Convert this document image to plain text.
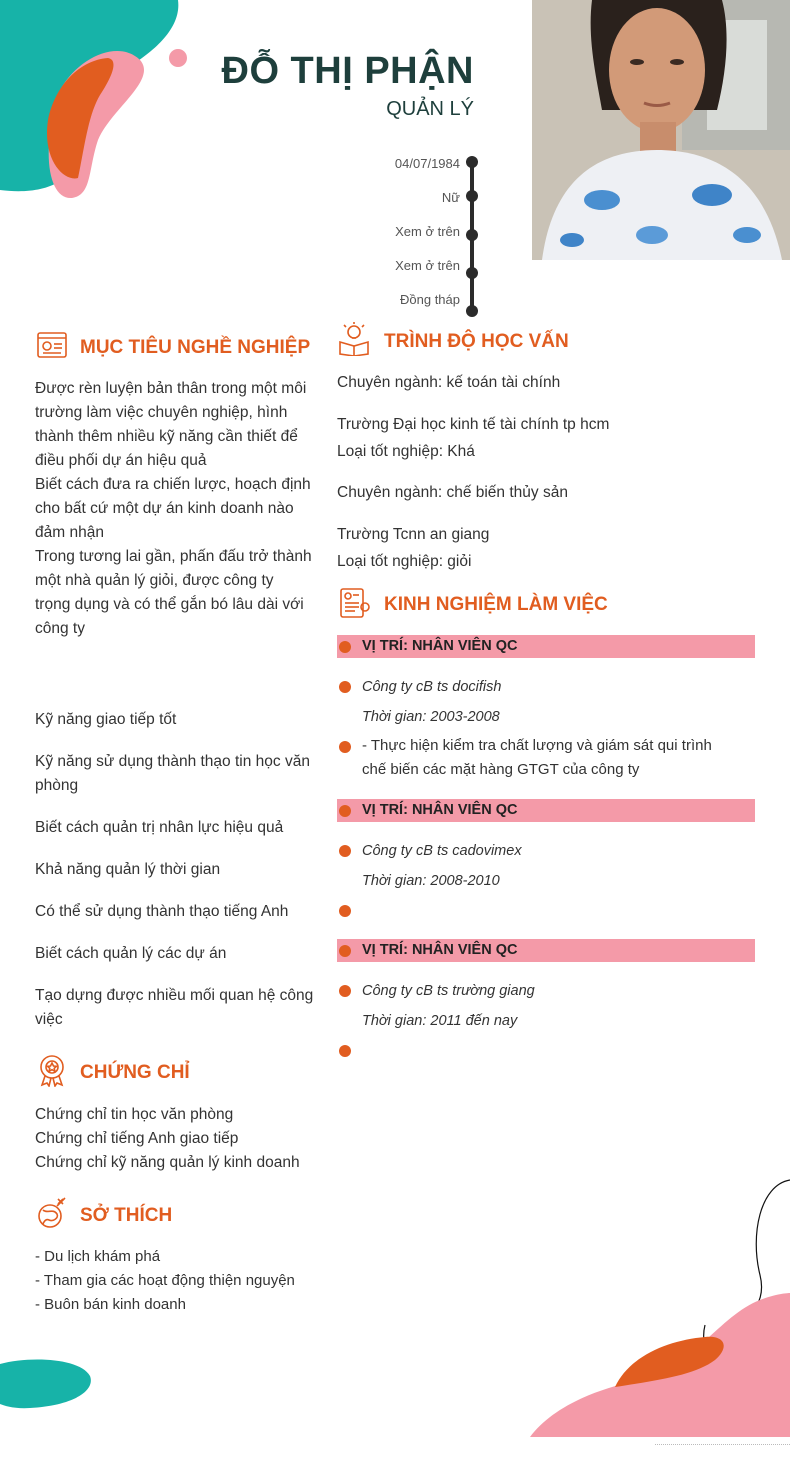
ĐỖ THỊ PHẬN
QUẢN LÝ
04/07/1984
Nữ
Xem ở trên
Xem ở trên
Đồng tháp
MỤC TIÊU NGHỀ NGHIỆP
Được rèn luyện bản thân trong một môi
trường làm việc chuyên nghiệp, hình
thành thêm nhiều kỹ năng cần thiết để
điều phối dự án hiệu quả
Biết cách đưa ra chiến lược, hoạch định
cho bất cứ một dự án kinh doanh nào
đảm nhận
Trong tương lai gần, phấn đấu trở thành
một nhà quản lý giỏi, được công ty
trọng dụng và có thể gắn bó lâu dài với
công ty
Kỹ năng giao tiếp tốt
Kỹ năng sử dụng thành thạo tin học văn phòng
Biết cách quản trị nhân lực hiệu quả
Khả năng quản lý thời gian
Có thể sử dụng thành thạo tiếng Anh
Biết cách quản lý các dự án
Tạo dựng được nhiều mối quan hệ công việc
CHỨNG CHỈ
Chứng chỉ tin học văn phòng
Chứng chỉ tiếng Anh giao tiếp
Chứng chỉ kỹ năng quản lý kinh doanh
SỞ THÍCH
- Du lịch khám phá
- Tham gia các hoạt động thiện nguyện
- Buôn bán kinh doanh
TRÌNH ĐỘ HỌC VẤN
Chuyên ngành: kế toán tài chính
Trường Đại học kinh tế tài chính tp hcm
Loại tốt nghiệp: Khá
Chuyên ngành: chế biến thủy sản
Trường Tcnn an giang
Loại tốt nghiệp: giỏi
KINH NGHIỆM LÀM VIỆC
VỊ TRÍ: NHÂN VIÊN QC
Công ty cB ts docifish
Thời gian: 2003-2008
- Thực hiện kiểm tra chất lượng và giám sát qui trình
chế biến các mặt hàng GTGT của công ty
VỊ TRÍ: NHÂN VIÊN QC
Công ty cB ts cadovimex
Thời gian: 2008-2010
VỊ TRÍ: NHÂN VIÊN QC
Công ty cB ts trường giang
Thời gian: 2011 đến nay
